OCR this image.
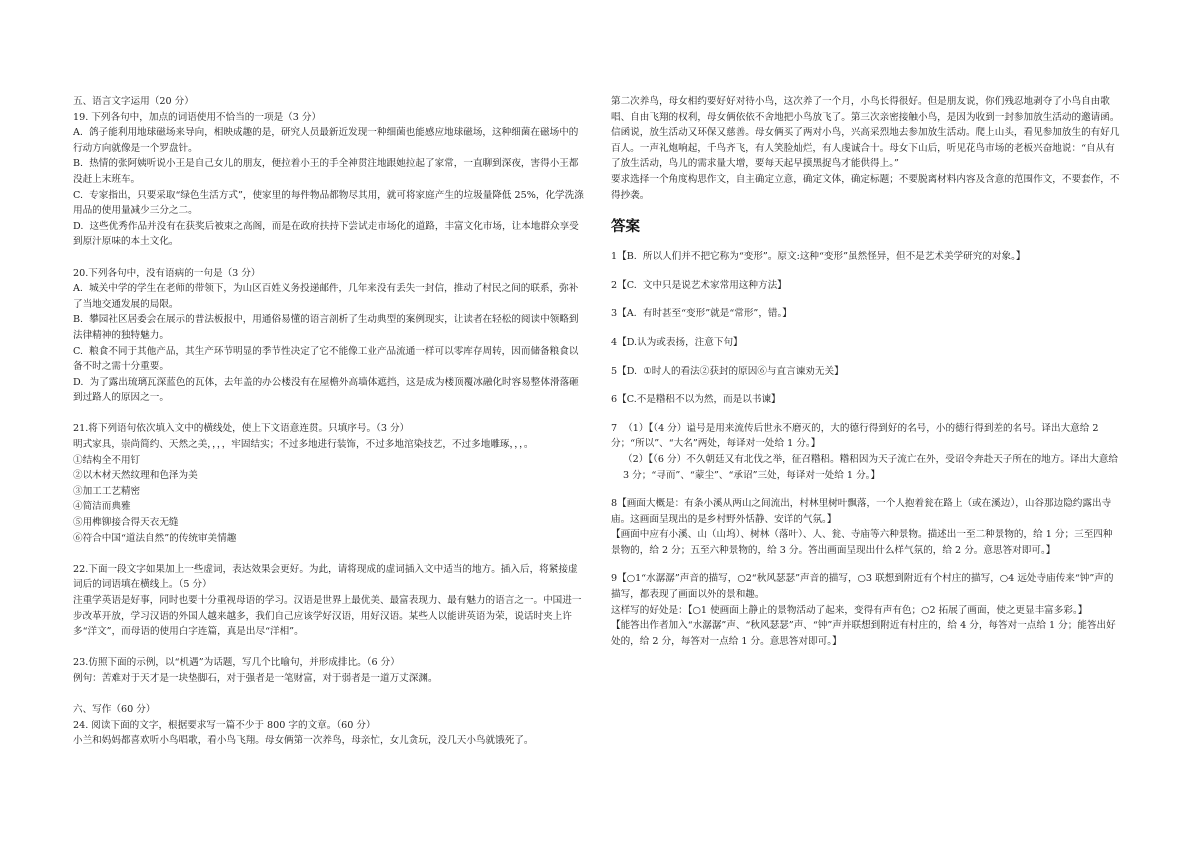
五、语言文字运用（20 分）

19. 下列各句中，加点的词语使用不恰当的一项是（3 分）

A.  鸽子能利用地球磁场来导向，相映成趣的是，研究人员最新近发现一种细菌也能感应地球磁场，这种细菌在磁场中的行动方向就像是一个罗盘针。

B.  热情的张阿姨听说小王是自己女儿的朋友，便拉着小王的手全神贯注地跟她拉起了家常，一直聊到深夜，害得小王都没赶上末班车。

C.  专家指出，只要采取“绿色生活方式”，使家里的每件物品都物尽其用，就可将家庭产生的垃圾量降低 25%，化学洗涤用品的使用量减少三分之二。

D.  这些优秀作品并没有在获奖后被束之高阁，而是在政府扶持下尝试走市场化的道路，丰富文化市场，让本地群众享受到原汁原味的本土文化。

20.下列各句中，没有语病的一句是（3 分）

A.  城关中学的学生在老师的带领下，为山区百姓义务投递邮件，几年来没有丢失一封信，推动了村民之间的联系，弥补了当地交通发展的局限。

B.  攀园社区居委会在展示的普法板报中，用通俗易懂的语言剖析了生动典型的案例现实，让读者在轻松的阅读中领略到法律精神的独特魅力。

C.  粮食不同于其他产品，其生产环节明显的季节性决定了它不能像工业产品流通一样可以零库存周转，因而储备粮食以备不时之需十分重要。

D.  为了露出琉璃瓦深蓝色的瓦体，去年盖的办公楼没有在屋檐外高墙体遮挡，这是成为楼顶覆冰融化时容易整体滑落砸到过路人的原因之一。

21.将下列语句依次填入文中的横线处，使上下文语意连贯。只填序号。（3 分）

明式家具，崇尚简约、天然之美，，，，牢固结实；不过多地进行装饰，不过多地涫染技艺，不过多地雕琢，，，。

①结构全不用钉

②以木材天然纹理和色泽为美

③加工工艺精密

④简洁而典雅

⑤用榫铆接合得天衣无缝

⑥符合中国“道法自然”的传统审美情趣

22.下面一段文字如果加上一些虚词，表达效果会更好。为此，请将现成的虚词插入文中适当的地方。插入后，将紧接虚词后的词语填在横线上。（5 分）

注重学英语是好事，同时也要十分重视母语的学习。汉语是世界上最优美、最富表现力、最有魅力的语言之一。中国进一步改革开放，学习汉语的外国人越来越多，我们自己应该学好汉语，用好汉语。某些人以能讲英语为荣，说话时夹上许多“洋文”，而母语的使用白字连篇，真是出尽“洋相”。

23.仿照下面的示例，以“机遇”为话题，写几个比喻句，并形成排比。（6 分）

例句：苦难对于天才是一块垫脚石，对于强者是一笔财富，对于弱者是一道万丈深渊。

六、写作（60 分）

24. 阅读下面的文字，根据要求写一篇不少于 800 字的文章。（60 分）

小兰和妈妈都喜欢听小鸟唱歌，看小鸟飞翔。母女俩第一次养鸟，母亲忙，女儿贪玩，没几天小鸟就饿死了。

第二次养鸟，母女相约要好好对待小鸟，这次养了一个月，小鸟长得很好。但是朋友说，你们残忍地剥夺了小鸟自由歌唱、自由飞翔的权利，母女俩依依不舍地把小鸟放飞了。第三次亲密接触小鸟，是因为收到一封参加放生活动的邀请函。信函说，放生活动又环保又慈善。母女俩买了两对小鸟，兴高采烈地去参加放生活动。爬上山头，看见参加放生的有好几百人。一声礼炮响起，千鸟齐飞，有人笑脸灿烂，有人虔诚合十。母女下山后，听见花鸟市场的老板兴奋地说：“自从有了放生活动，鸟儿的需求量大增，要每天起早摸黑捉鸟才能供得上。”

要求选择一个角度构思作文，自主确定立意，确定文体，确定标题；不要脱离材料内容及含意的范围作文，不要套作，不得抄袭。

答案

1【B.  所以人们并不把它称为“变形”。原文:这种“变形”虽然怪异，但不是艺术美学研究的对象。】

2【C.  文中只是说艺术家常用这种方法】

3【A.  有时甚至“变形”就是“常形”，错。】

4【D.认为或表扬，注意下句】

5【D.  ①时人的看法②获封的原因⑥与直言谏劝无关】

6【C.不是糌稆不以为然，而是以书谏】

7  （1）【（4 分）谥号是用来流传后世永不磨灭的，大的德行得到好的名号，小的德行得到差的名号。译出大意给 2 分；“所以”、“大名”两处，每译对一处给 1 分。】

（2）【（6 分）不久朝廷又有北伐之举，征召糌稆。糌稆因为天子流亡在外，受诏令奔赴天子所在的地方。译出大意给 3 分；“寻而”、“蒙尘”、“承诏”三处，每译对一处给 1 分。】

8【画面大概是：有条小溪从两山之间流出，村林里树叶飘落，一个人抱着瓮在路上（或在溪边），山谷那边隐约露出寺庙。这画面呈现出的是乡村野外恬静、安详的气氛。】

【画面中应有小溪、山（山坞）、树林（落叶）、人、瓮、寺庙等六种景物。描述出一至二种景物的，给 1 分；三至四种景物的，给 2 分；五至六种景物的，给 3 分。答出画面呈现出什么样气氛的，给 2 分。意思答对即可。】

9【○1“水潺潺”声音的描写，○2“秋风瑟瑟”声音的描写，○3 联想到附近有个村庄的描写，○4 远处寺庙传来“钟”声的描写，都表现了画面以外的景和趣。

这样写的好处是：【○1 使画面上静止的景物活动了起来，变得有声有色；○2 拓展了画面，使之更显丰富多彩。】

【能答出作者加入“水潺潺”声、“秋风瑟瑟”声、“钟”声并联想到附近有村庄的，给 4 分，每答对一点给 1 分；能答出好处的，给 2 分，每答对一点给 1 分。意思答对即可。】
